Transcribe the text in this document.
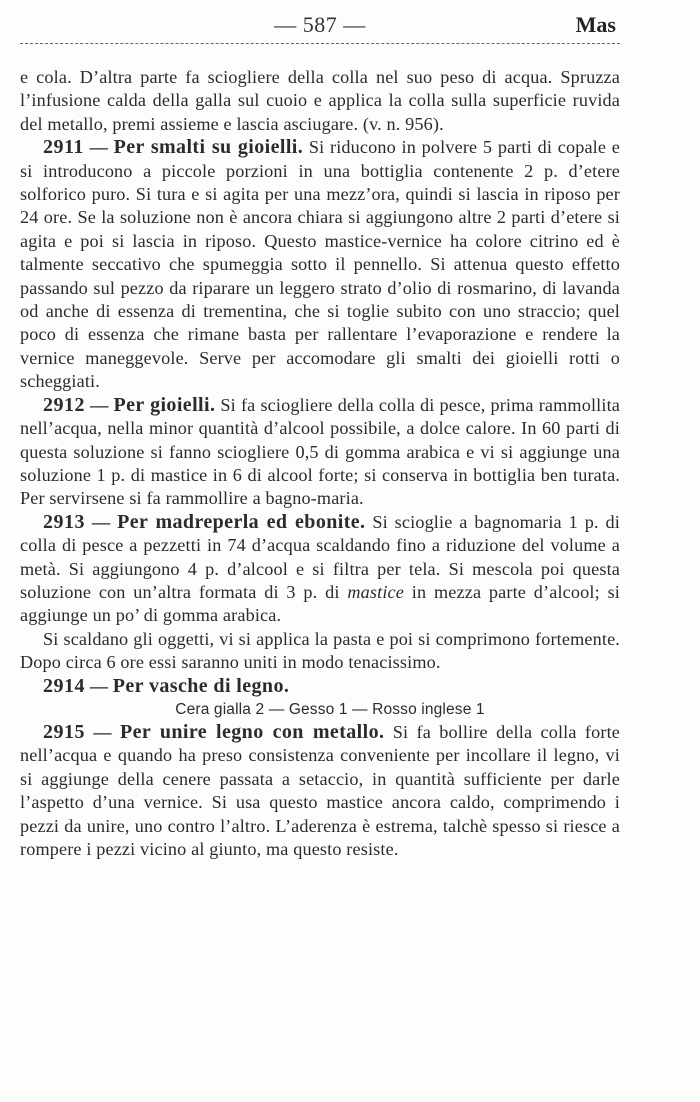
— 587 —	Mas

e cola. D’altra parte fa sciogliere della colla nel suo peso di acqua. Spruzza l’infusione calda della galla sul cuoio e applica la colla sulla superficie ruvida del metallo, premi assieme e lascia asciugare. (v. n. 956).

2911 — Per smalti su gioielli. Si riducono in polvere 5 parti di copale e si introducono a piccole porzioni in una bottiglia contenente 2 p. d’etere solforico puro. Si tura e si agita per una mezz’ora, quindi si lascia in riposo per 24 ore. Se la soluzione non è ancora chiara si aggiungono altre 2 parti d’etere si agita e poi si lascia in riposo. Questo mastice-vernice ha colore citrino ed è talmente seccativo che spumeggia sotto il pennello. Si attenua questo effetto passando sul pezzo da riparare un leggero strato d’olio di rosmarino, di lavanda od anche di essenza di trementina, che si toglie subito con uno straccio; quel poco di essenza che rimane basta per rallentare l’evaporazione e rendere la vernice maneggevole. Serve per accomodare gli smalti dei gioielli rotti o scheggiati.

2912 — Per gioielli. Si fa sciogliere della colla di pesce, prima rammollita nell’acqua, nella minor quantità d’alcool possibile, a dolce calore. In 60 parti di questa soluzione si fanno sciogliere 0,5 di gomma arabica e vi si aggiunge una soluzione 1 p. di mastice in 6 di alcool forte; si conserva in bottiglia ben turata. Per servirsene si fa rammollire a bagno-maria.

2913 — Per madreperla ed ebonite. Si scioglie a bagnomaria 1 p. di colla di pesce a pezzetti in 74 d’acqua scaldando fino a riduzione del volume a metà. Si aggiungono 4 p. d’alcool e si filtra per tela. Si mescola poi questa soluzione con un’altra formata di 3 p. di mastice in mezza parte d’alcool; si aggiunge un po’ di gomma arabica.

Si scaldano gli oggetti, vi si applica la pasta e poi si comprimono fortemente. Dopo circa 6 ore essi saranno uniti in modo tenacissimo.

2914 — Per vasche di legno.

Cera gialla 2 — Gesso 1 — Rosso inglese 1

2915 — Per unire legno con metallo. Si fa bollire della colla forte nell’acqua e quando ha preso consistenza conveniente per incollare il legno, vi si aggiunge della cenere passata a setaccio, in quantità sufficiente per darle l’aspetto d’una vernice. Si usa questo mastice ancora caldo, comprimendo i pezzi da unire, uno contro l’altro. L’aderenza è estrema, talchè spesso si riesce a rompere i pezzi vicino al giunto, ma questo resiste.
